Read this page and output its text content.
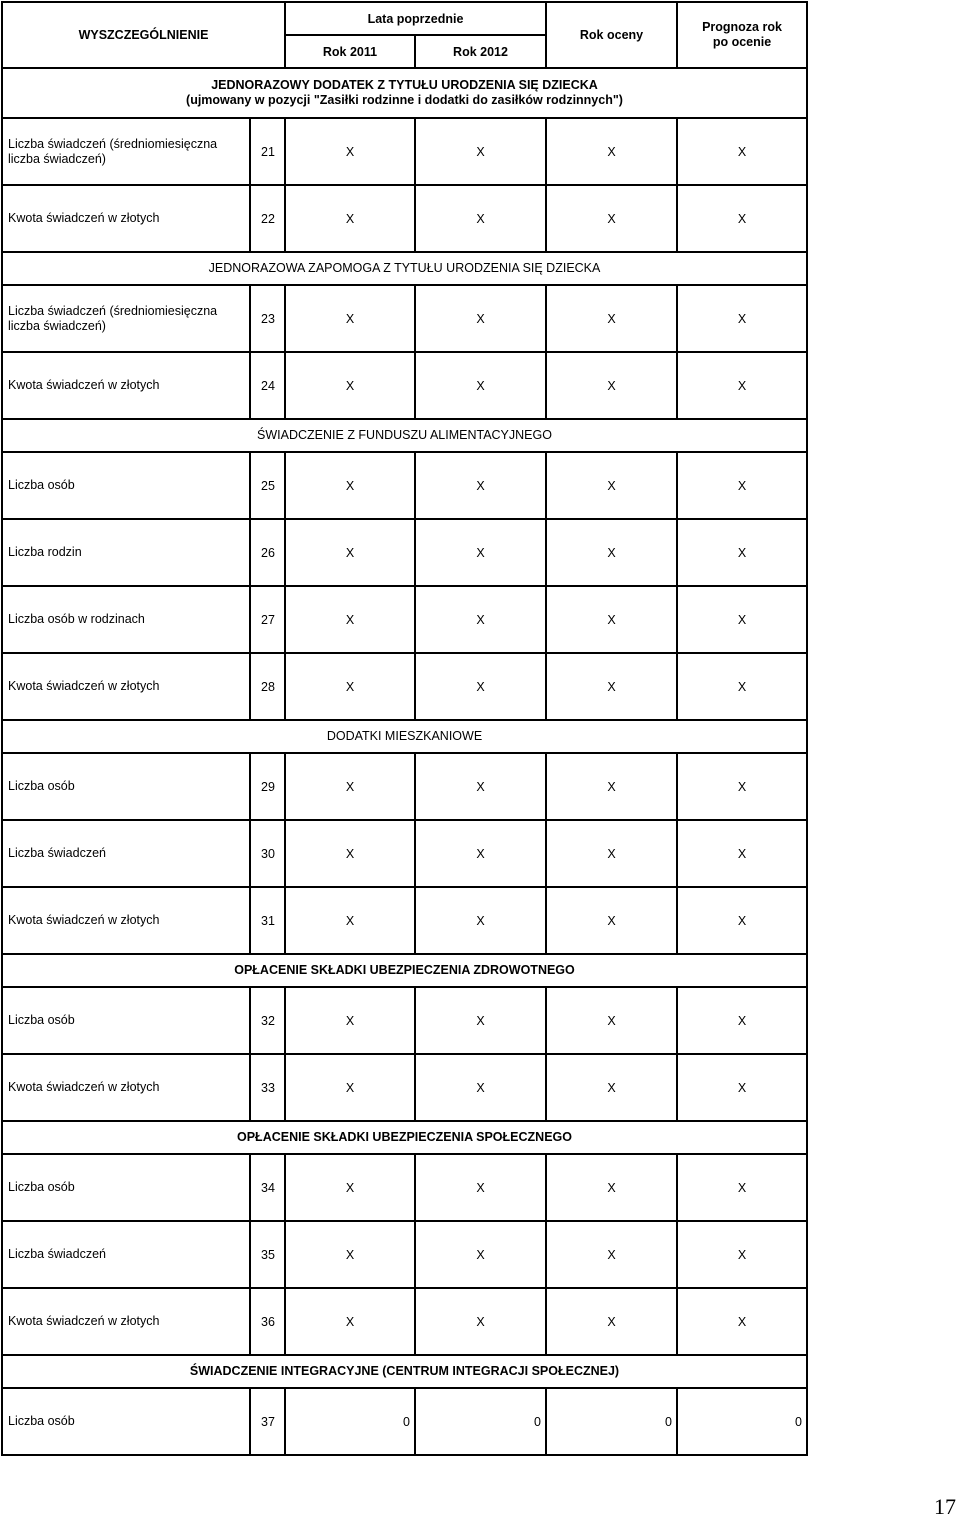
WYSZCZEGÓLNIENIE		Lata poprzednie		Rok oceny	Prognoza rok
po ocenie
		Rok 2011	Rok 2012		
JEDNORAZOWY DODATEK Z TYTUŁU URODZENIA SIĘ DZIECKA
(ujmowany w pozycji "Zasiłki rodzinne i dodatki do zasiłków rodzinnych")					
Liczba świadczeń (średniomiesięczna
liczba świadczeń)	21	X	X	X	X
Kwota świadczeń w złotych	22	X	X	X	X
JEDNORAZOWA ZAPOMOGA Z TYTUŁU URODZENIA SIĘ DZIECKA					
Liczba świadczeń (średniomiesięczna
liczba świadczeń)	23	X	X	X	X
Kwota świadczeń w złotych	24	X	X	X	X
ŚWIADCZENIE Z FUNDUSZU ALIMENTACYJNEGO					
Liczba osób	25	X	X	X	X
Liczba rodzin	26	X	X	X	X
Liczba osób w rodzinach	27	X	X	X	X
Kwota świadczeń w złotych	28	X	X	X	X
DODATKI MIESZKANIOWE					
Liczba osób	29	X	X	X	X
Liczba świadczeń	30	X	X	X	X
Kwota świadczeń w złotych	31	X	X	X	X
OPŁACENIE SKŁADKI UBEZPIECZENIA ZDROWOTNEGO					
Liczba osób	32	X	X	X	X
Kwota świadczeń w złotych	33	X	X	X	X
OPŁACENIE SKŁADKI UBEZPIECZENIA SPOŁECZNEGO					
Liczba osób	34	X	X	X	X
Liczba świadczeń	35	X	X	X	X
Kwota świadczeń w złotych	36	X	X	X	X
ŚWIADCZENIE INTEGRACYJNE (CENTRUM INTEGRACJI SPOŁECZNEJ)					
Liczba osób	37	0	0	0	0
17
